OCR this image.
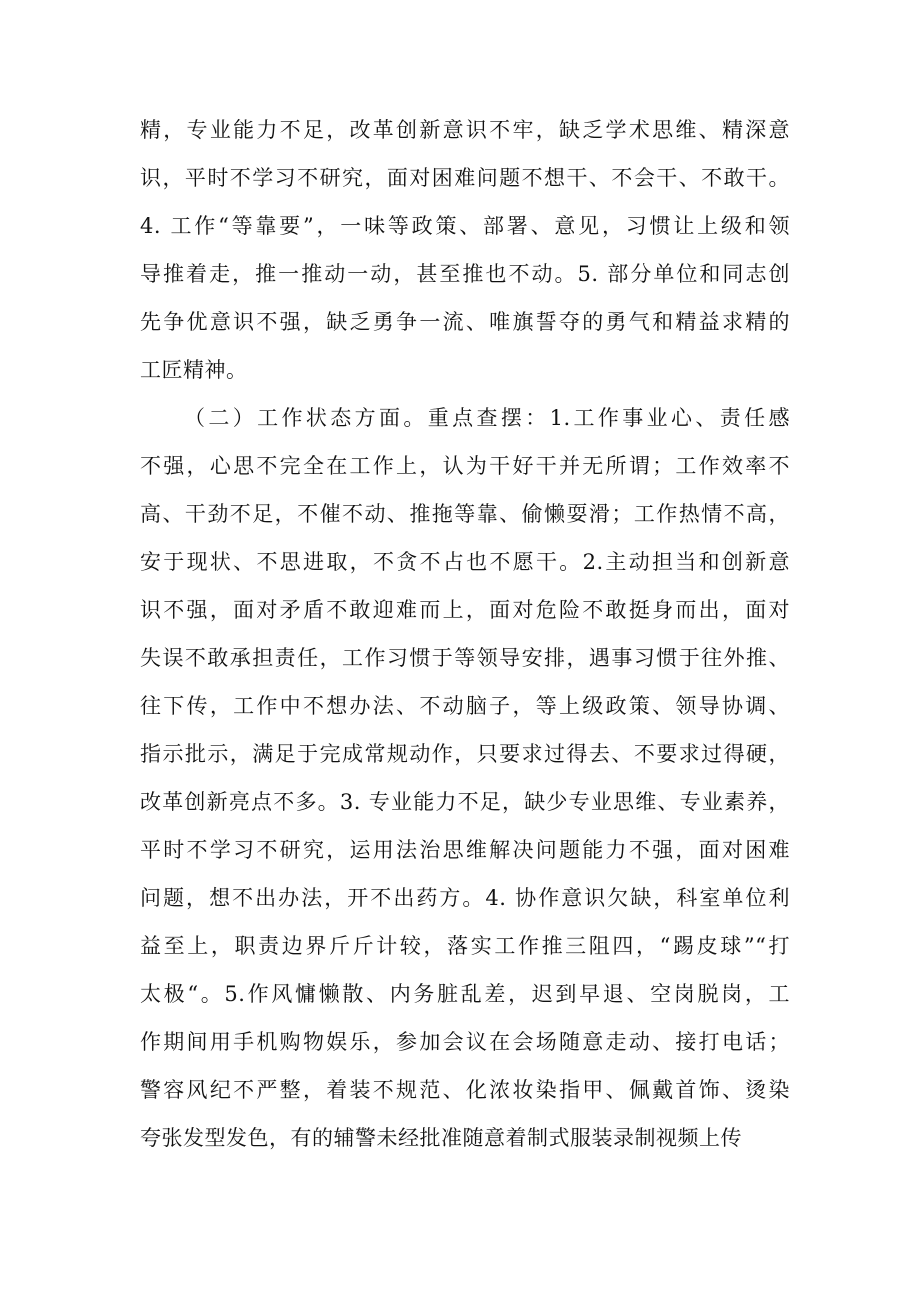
精，专业能力不足，改革创新意识不牢，缺乏学术思维、精深意
识，平时不学习不研究，面对困难问题不想干、不会干、不敢干。
4. 工作“等靠要”，一味等政策、部署、意见，习惯让上级和领
导推着走，推一推动一动，甚至推也不动。5. 部分单位和同志创
先争优意识不强，缺乏勇争一流、唯旗誓夺的勇气和精益求精的
工匠精神。
（二）工作状态方面。重点查摆：1.工作事业心、责任感
不强，心思不完全在工作上，认为干好干并无所谓；工作效率不
高、干劲不足，不催不动、推拖等靠、偷懒耍滑；工作热情不高，
安于现状、不思进取，不贪不占也不愿干。2.主动担当和创新意
识不强，面对矛盾不敢迎难而上，面对危险不敢挺身而出，面对
失误不敢承担责任，工作习惯于等领导安排，遇事习惯于往外推、
往下传，工作中不想办法、不动脑子，等上级政策、领导协调、
指示批示，满足于完成常规动作，只要求过得去、不要求过得硬，
改革创新亮点不多。3. 专业能力不足，缺少专业思维、专业素养，
平时不学习不研究，运用法治思维解决问题能力不强，面对困难
问题，想不出办法，开不出药方。4. 协作意识欠缺，科室单位利
益至上，职责边界斤斤计较，落实工作推三阻四，“踢皮球”“打
太极“。5.作风慵懒散、内务脏乱差，迟到早退、空岗脱岗，工
作期间用手机购物娱乐，参加会议在会场随意走动、接打电话；
警容风纪不严整，着装不规范、化浓妆染指甲、佩戴首饰、烫染
夸张发型发色，有的辅警未经批准随意着制式服装录制视频上传
